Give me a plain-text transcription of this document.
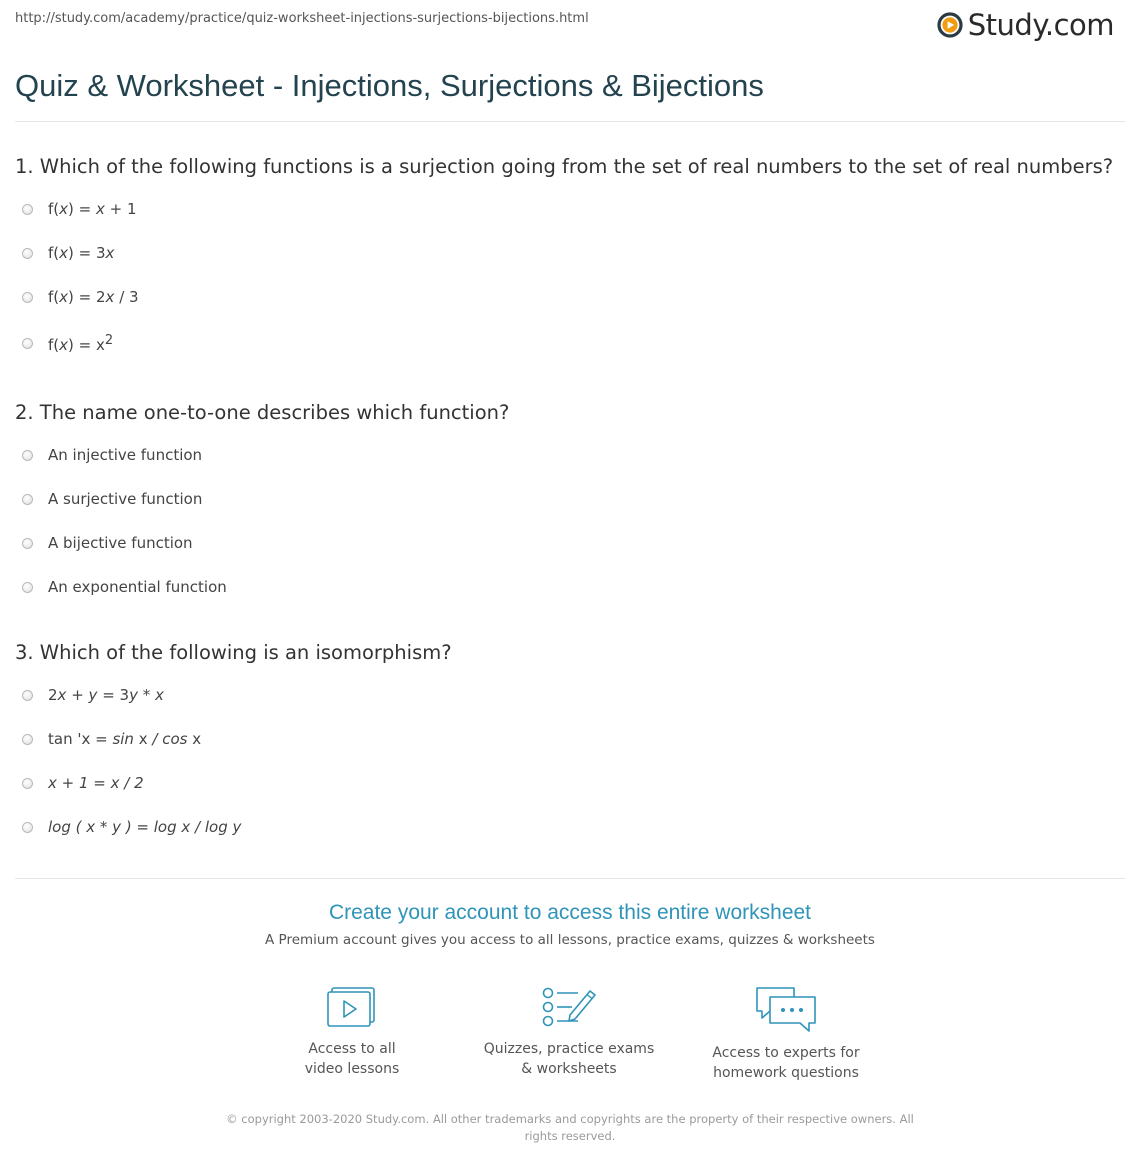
http://study.com/academy/practice/quiz-worksheet-injections-surjections-bijections.html	Study.com
Quiz & Worksheet - Injections, Surjections & Bijections
1. Which of the following functions is a surjection going from the set of real numbers to the set of real numbers?
f(x) = x + 1
f(x) = 3x
f(x) = 2x / 3
$f(x) = x^2$
2. The name one-to-one describes which function?
An injective function
A surjective function
A bijective function
An exponential function
3. Which of the following is an isomorphism?
2x + y = 3y * x
tan 'x = sin x / cos x
x + 1 = x / 2
log ( x * y ) = log x / log y
Create your account to access this entire worksheet
A Premium account gives you access to all lessons, practice exams, quizzes & worksheets
Access to all
video lessons
Quizzes, practice exams
& worksheets
Access to experts for
homework questions
© copyright 2003-2020 Study.com. All other trademarks and copyrights are the property of their respective owners. All rights reserved.
